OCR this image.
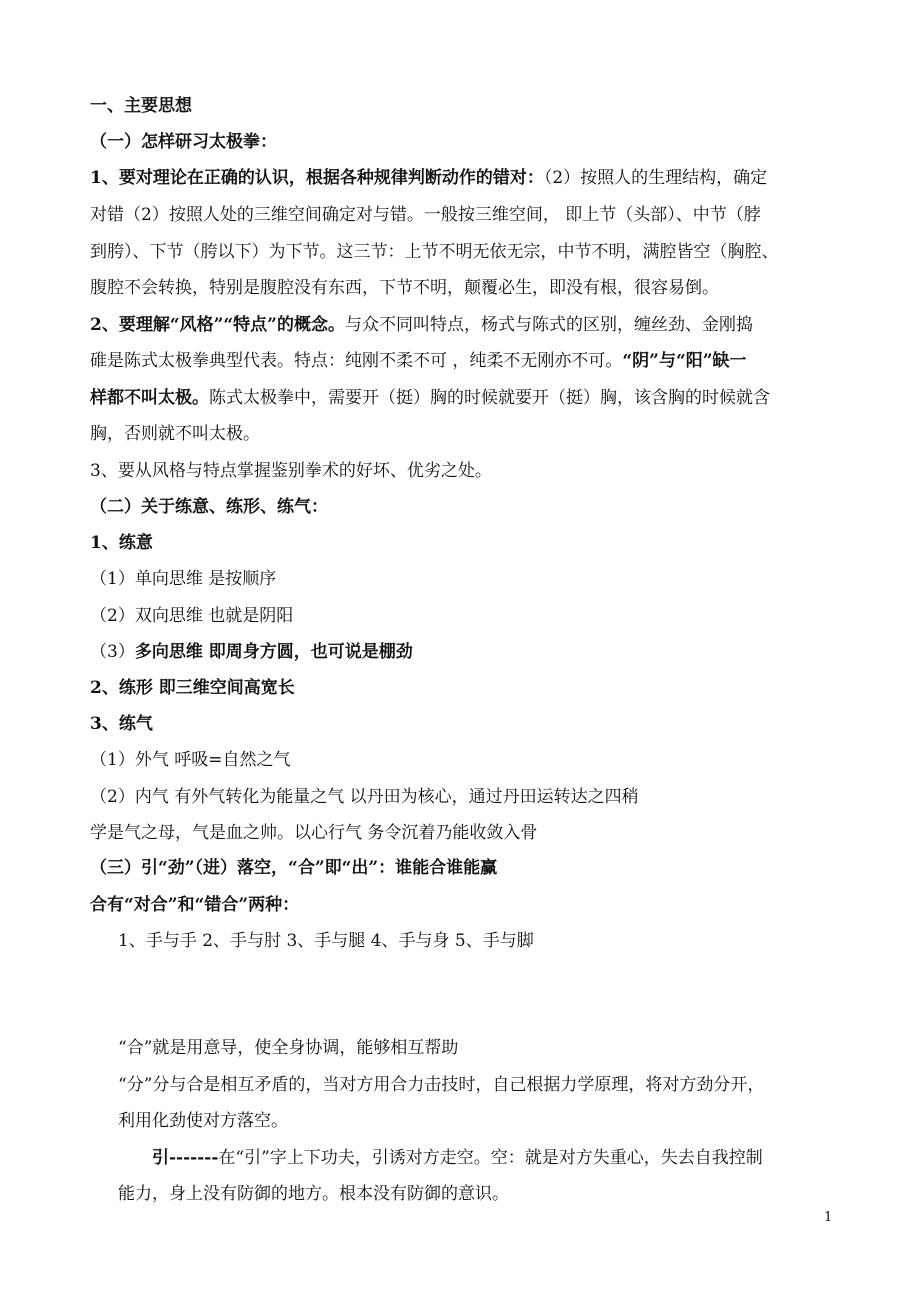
一、主要思想

（一）怎样研习太极拳：

1、要对理论在正确的认识，根据各种规律判断动作的错对：（2）按照人的生理结构，确定

对错（2）按照人处的三维空间确定对与错。一般按三维空间， 即上节（头部）、中节（脖

到胯）、下节（胯以下）为下节。这三节：上节不明无依无宗，中节不明，满腔皆空（胸腔、

腹腔不会转换，特别是腹腔没有东西，下节不明，颠覆必生，即没有根，很容易倒。

2、要理解“风格”“特点”的概念。与众不同叫特点，杨式与陈式的区别，缠丝劲、金刚捣

碓是陈式太极拳典型代表。特点：纯刚不柔不可 ，纯柔不无刚亦不可。“阴”与“阳”缺一

样都不叫太极。陈式太极拳中，需要开（挺）胸的时候就要开（挺）胸，该含胸的时候就含

胸，否则就不叫太极。

3、要从风格与特点掌握鉴别拳术的好坏、优劣之处。

（二）关于练意、练形、练气：

1、练意

（1）单向思维 是按顺序

（2）双向思维 也就是阴阳

（3）多向思维 即周身方圆，也可说是棚劲

2、练形 即三维空间高宽长

3、练气

（1）外气 呼吸=自然之气

（2）内气 有外气转化为能量之气 以丹田为核心，通过丹田运转达之四稍

学是气之母，气是血之帅。以心行气 务令沉着乃能收敛入骨

（三）引“劲”（进）落空，“合”即“出”：谁能合谁能赢

合有“对合”和“错合”两种：

1、手与手 2、手与肘 3、手与腿 4、手与身 5、手与脚

“合”就是用意导，使全身协调，能够相互帮助

“分”分与合是相互矛盾的，当对方用合力击技时，自己根据力学原理，将对方劲分开，

利用化劲使对方落空。

引-------在“引”字上下功夫，引诱对方走空。空：就是对方失重心，失去自我控制

能力，身上没有防御的地方。根本没有防御的意识。

1
